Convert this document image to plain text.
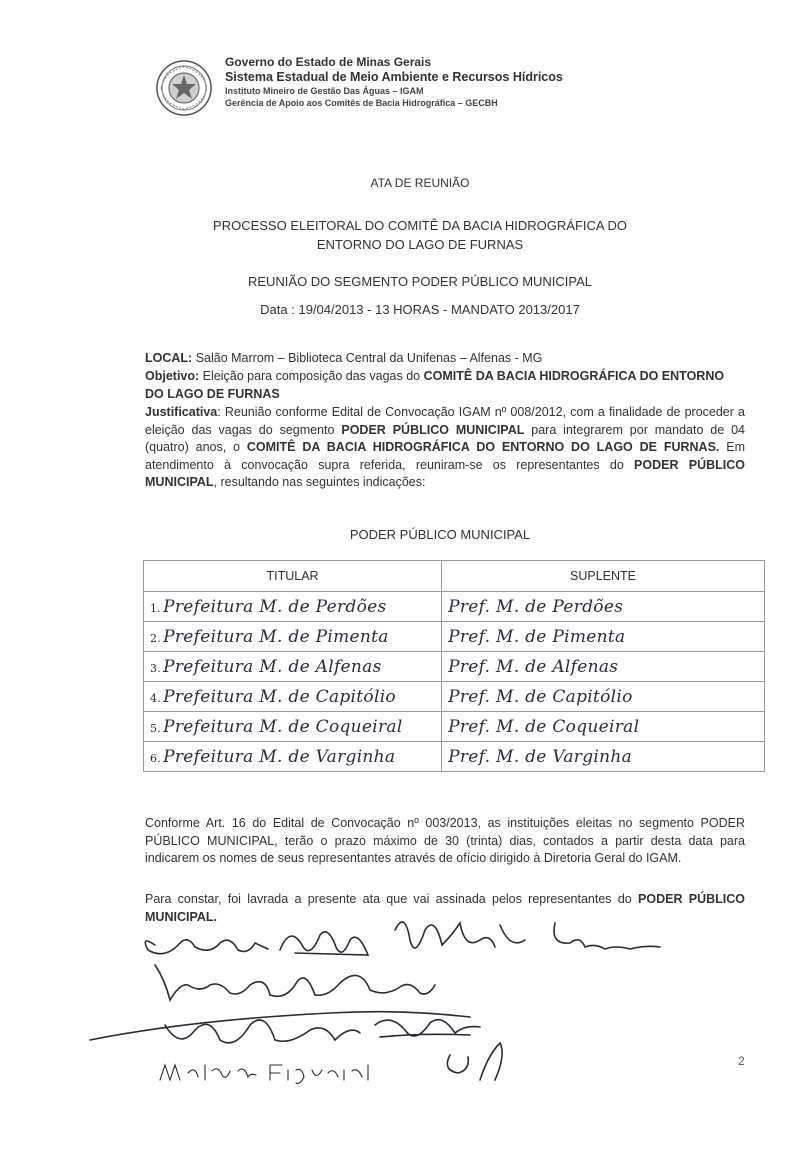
Governo do Estado de Minas Gerais
Sistema Estadual de Meio Ambiente e Recursos Hídricos
Instituto Mineiro de Gestão Das Águas – IGAM
Gerência de Apoio aos Comitês de Bacia Hidrográfica – GECBH
ATA DE REUNIÃO
PROCESSO ELEITORAL DO COMITÊ DA BACIA HIDROGRÁFICA DO
ENTORNO DO LAGO DE FURNAS
REUNIÃO DO SEGMENTO PODER PÚBLICO MUNICIPAL
Data : 19/04/2013 - 13 HORAS - MANDATO 2013/2017
LOCAL: Salão Marrom – Biblioteca Central da Unifenas – Alfenas - MG
Objetivo: Eleição para composição das vagas do COMITÊ DA BACIA HIDROGRÁFICA DO ENTORNO DO LAGO DE FURNAS
Justificativa: Reunião conforme Edital de Convocação IGAM nº 008/2012, com a finalidade de proceder a eleição das vagas do segmento PODER PÚBLICO MUNICIPAL para integrarem por mandato de 04 (quatro) anos, o COMITÊ DA BACIA HIDROGRÁFICA DO ENTORNO DO LAGO DE FURNAS. Em atendimento à convocação supra referida, reuniram-se os representantes do PODER PÚBLICO MUNICIPAL, resultando nas seguintes indicações:
PODER PÚBLICO MUNICIPAL
TITULAR	SUPLENTE
1. Prefeitura M. de Perdões	Pref. M. de Perdões
2. Prefeitura M. de Pimenta	Pref. M. de Pimenta
3. Prefeitura M. de Alfenas	Pref. M. de Alfenas
4. Prefeitura M. de Capitólio	Pref. M. de Capitólio
5. Prefeitura M. de Coqueiral	Pref. M. de Coqueiral
6. Prefeitura M. de Varginha	Pref. M. de Varginha
Conforme Art. 16 do Edital de Convocação nº 003/2013, as instituições eleitas no segmento PODER PÚBLICO MUNICIPAL, terão o prazo máximo de 30 (trinta) dias, contados a partir desta data para indicarem os nomes de seus representantes através de ofício dirigido à Diretoria Geral do IGAM.
Para constar, foi lavrada a presente ata que vai assinada pelos representantes do PODER PÚBLICO MUNICIPAL.
2
